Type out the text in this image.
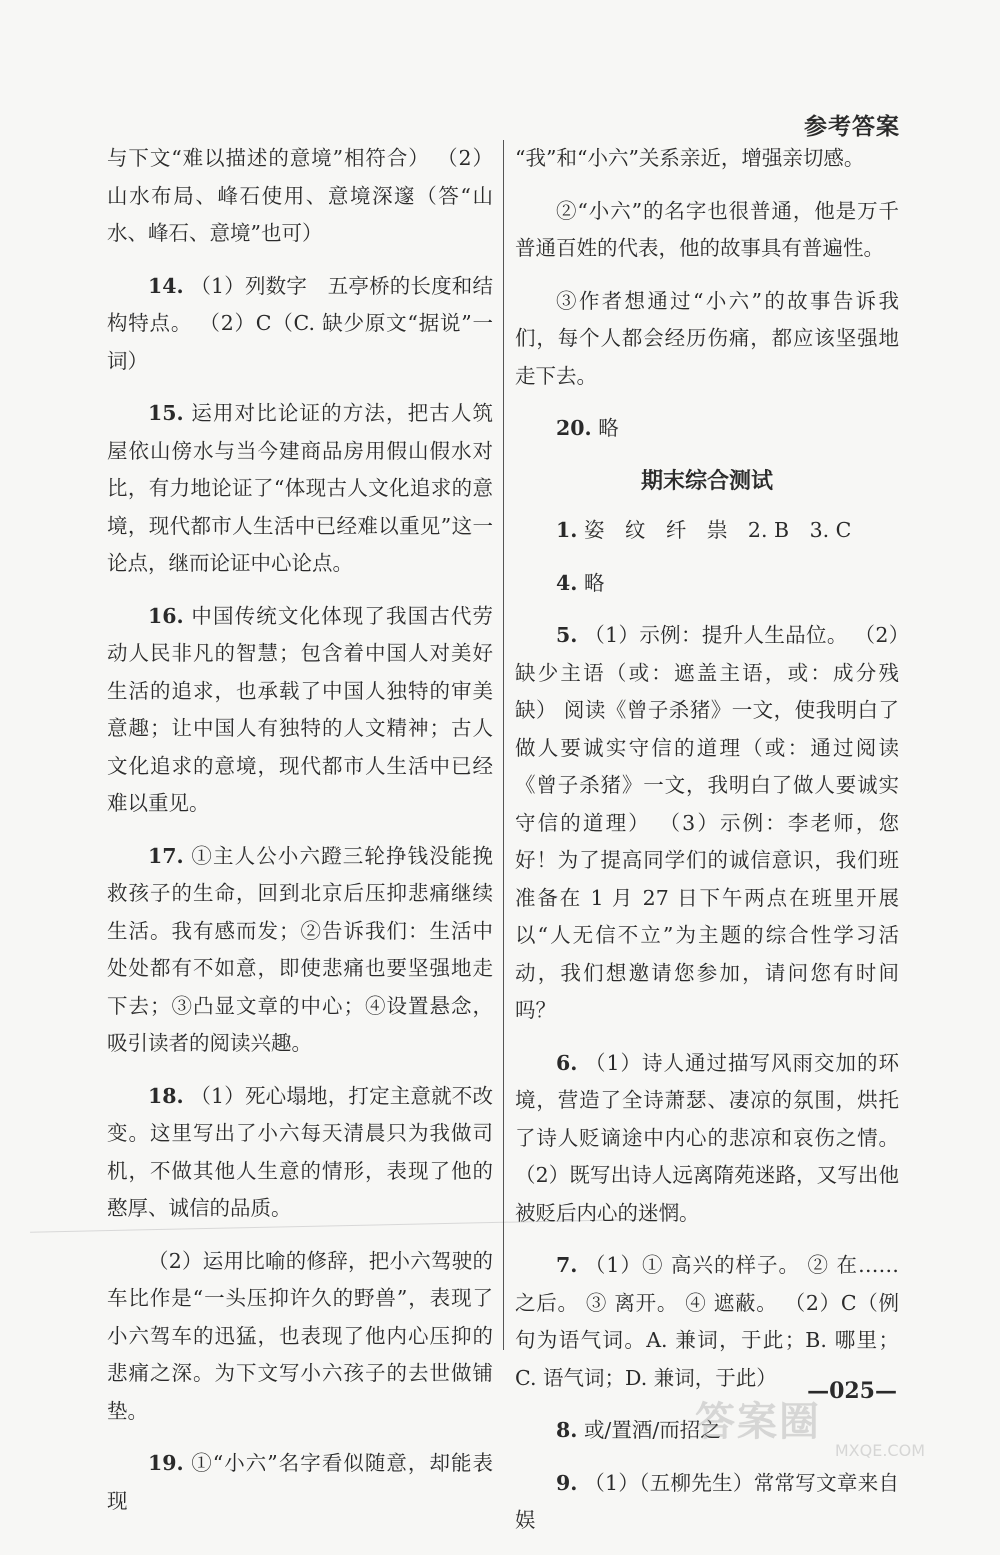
参考答案
与下文“难以描述的意境”相符合） （2）山水布局、峰石使用、意境深邃（答“山水、峰石、意境”也可）
14. （1）列数字　五亭桥的长度和结构特点。 （2）C（C. 缺少原文“据说”一词）
15. 运用对比论证的方法，把古人筑屋依山傍水与当今建商品房用假山假水对比，有力地论证了“体现古人文化追求的意境，现代都市人生活中已经难以重见”这一论点，继而论证中心论点。
16. 中国传统文化体现了我国古代劳动人民非凡的智慧；包含着中国人对美好生活的追求，也承载了中国人独特的审美意趣；让中国人有独特的人文精神；古人文化追求的意境，现代都市人生活中已经难以重见。
17. ①主人公小六蹬三轮挣钱没能挽救孩子的生命，回到北京后压抑悲痛继续生活。我有感而发；②告诉我们：生活中处处都有不如意，即使悲痛也要坚强地走下去；③凸显文章的中心；④设置悬念，吸引读者的阅读兴趣。
18. （1）死心塌地，打定主意就不改变。这里写出了小六每天清晨只为我做司机，不做其他人生意的情形，表现了他的憨厚、诚信的品质。
（2）运用比喻的修辞，把小六驾驶的车比作是“一头压抑许久的野兽”，表现了小六驾车的迅猛，也表现了他内心压抑的悲痛之深。为下文写小六孩子的去世做铺垫。
19. ①“小六”名字看似随意，却能表现
“我”和“小六”关系亲近，增强亲切感。
②“小六”的名字也很普通，他是万千普通百姓的代表，他的故事具有普遍性。
③作者想通过“小六”的故事告诉我们，每个人都会经历伤痛，都应该坚强地走下去。
20. 略
期末综合测试
1. 姿　纹　纤　祟　2. B　3. C
4. 略
5. （1）示例：提升人生品位。 （2）缺少主语（或：遮盖主语，或：成分残缺） 阅读《曾子杀猪》一文，使我明白了做人要诚实守信的道理（或：通过阅读《曾子杀猪》一文，我明白了做人要诚实守信的道理） （3）示例：李老师，您好！为了提高同学们的诚信意识，我们班准备在 1 月 27 日下午两点在班里开展以“人无信不立”为主题的综合性学习活动，我们想邀请您参加，请问您有时间吗？
6. （1）诗人通过描写风雨交加的环境，营造了全诗萧瑟、凄凉的氛围，烘托了诗人贬谪途中内心的悲凉和哀伤之情。 （2）既写出诗人远离隋苑迷路，又写出他被贬后内心的迷惘。
7. （1）① 高兴的样子。 ② 在……之后。 ③ 离开。 ④ 遮蔽。 （2）C（例句为语气词。A. 兼词，于此；B. 哪里；C. 语气词；D. 兼词，于此）
8. 或/置酒/而招之
9. （1）（五柳先生）常常写文章来自娱
—025—
答案圈
MXQE.COM
